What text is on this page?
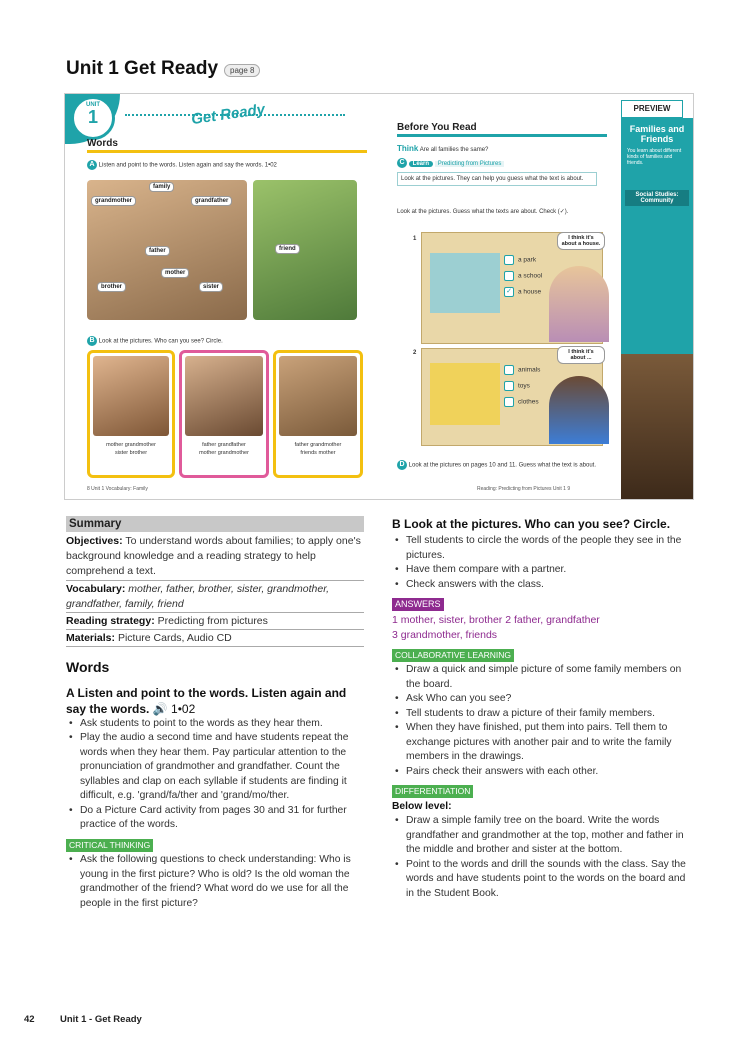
Unit 1 Get Ready	page 8
UNIT
1	Get Ready
Words
A Listen and point to the words. Listen again and say the words. 1•02
family
grandmother	grandfather
father
mother
brother	sister
friend
B Look at the pictures. Who can you see? Circle.
mother grandmother
sister brother
father grandfather
mother grandmother
father grandmother
friends mother
8 Unit 1 Vocabulary: Family
Before You Read
Think Are all families the same?
C Learn Predicting from Pictures
Look at the pictures. They can help you guess what the text is about.
Look at the pictures. Guess what the texts are about. Check (✓).
1
a park
a school
✓ a house
I think it's about a house.
2
animals
toys
clothes
I think it's about ...
D Look at the pictures on pages 10 and 11. Guess what the text is about.
Reading: Predicting from Pictures Unit 1 9
PREVIEW
Families and Friends
You learn about different kinds of families and friends.
Social Studies: Community
Summary
Objectives: To understand words about families; to apply one's background knowledge and a reading strategy to help comprehend a text.
Vocabulary: mother, father, brother, sister, grandmother, grandfather, family, friend
Reading strategy: Predicting from pictures
Materials: Picture Cards, Audio CD
Words
A Listen and point to the words. Listen again and say the words. 🔊 1•02
• Ask students to point to the words as they hear them.
• Play the audio a second time and have students repeat the words when they hear them. Pay particular attention to the pronunciation of grandmother and grandfather. Count the syllables and clap on each syllable if students are finding it difficult, e.g. 'grand/fa/ther and 'grand/mo/ther.
• Do a Picture Card activity from pages 30 and 31 for further practice of the words.
CRITICAL THINKING
• Ask the following questions to check understanding: Who is young in the first picture? Who is old? Is the old woman the grandmother of the friend? What word do we use for all the people in the first picture?
B Look at the pictures. Who can you see? Circle.
• Tell students to circle the words of the people they see in the pictures.
• Have them compare with a partner.
• Check answers with the class.
ANSWERS
1 mother, sister, brother 2 father, grandfather
3 grandmother, friends
COLLABORATIVE LEARNING
• Draw a quick and simple picture of some family members on the board.
• Ask Who can you see?
• Tell students to draw a picture of their family members.
• When they have finished, put them into pairs. Tell them to exchange pictures with another pair and to write the family members in the drawings.
• Pairs check their answers with each other.
DIFFERENTIATION
Below level:
• Draw a simple family tree on the board. Write the words grandfather and grandmother at the top, mother and father in the middle and brother and sister at the bottom.
• Point to the words and drill the sounds with the class. Say the words and have students point to the words on the board and in the Student Book.
42	Unit 1 - Get Ready
